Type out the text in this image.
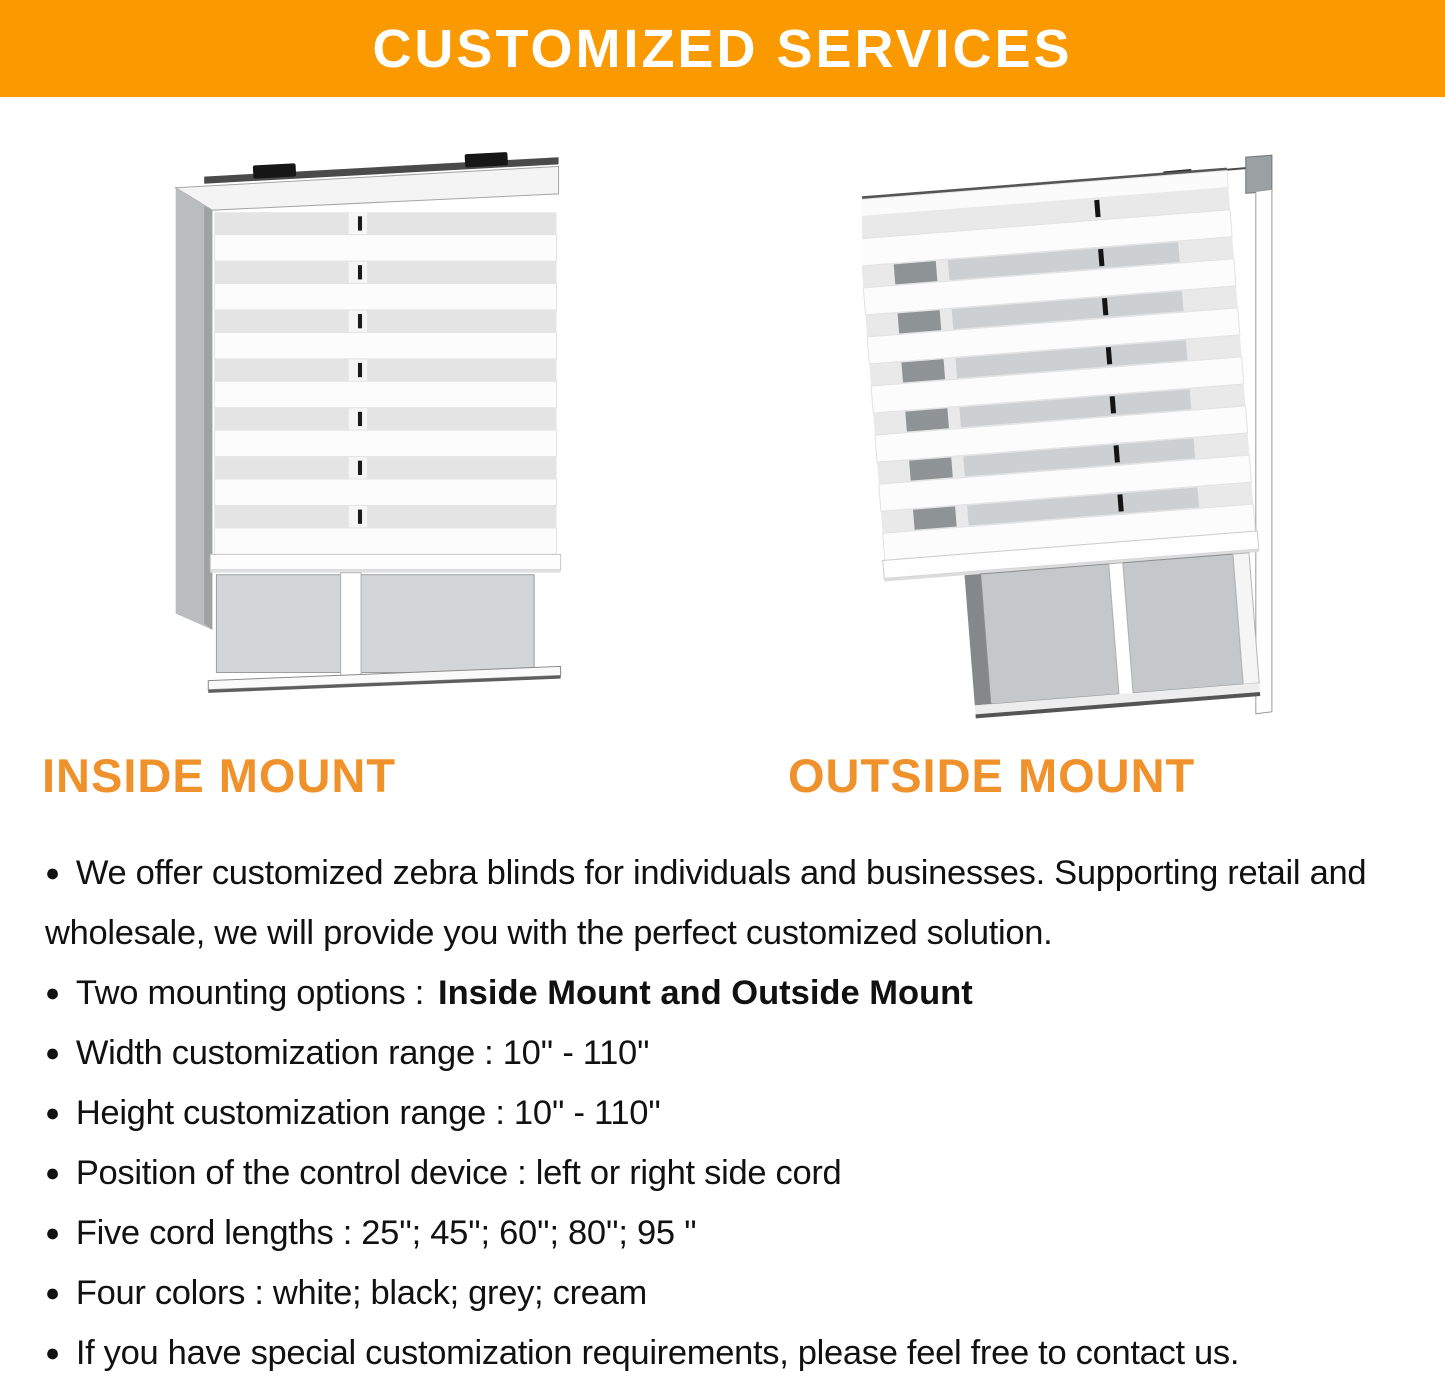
CUSTOMIZED SERVICES
INSIDE MOUNT	OUTSIDE MOUNT
● We offer customized zebra blinds for individuals and businesses. Supporting retail and wholesale, we will provide you with the perfect customized solution.
● Two mounting options : Inside Mount and Outside Mount
● Width customization range : 10'' - 110''
● Height customization range : 10'' - 110''
● Position of the control device : left or right side cord
● Five cord lengths : 25''; 45''; 60''; 80''; 95 ''
● Four colors : white; black; grey; cream
● If you have special customization requirements, please feel free to contact us.
